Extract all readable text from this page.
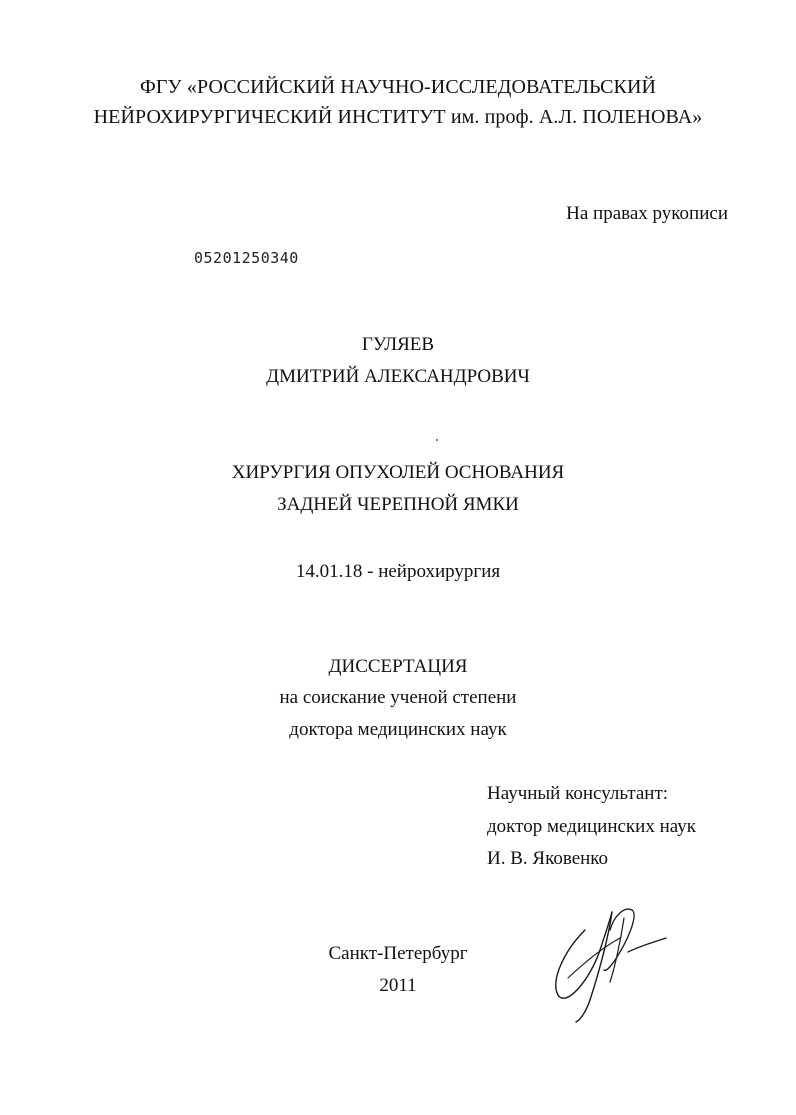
ФГУ «РОССИЙСКИЙ НАУЧНО-ИССЛЕДОВАТЕЛЬСКИЙ
НЕЙРОХИРУРГИЧЕСКИЙ ИНСТИТУТ им. проф. А.Л. ПОЛЕНОВА»
На правах рукописи
05201250340
ГУЛЯЕВ
ДМИТРИЙ АЛЕКСАНДРОВИЧ
ХИРУРГИЯ ОПУХОЛЕЙ ОСНОВАНИЯ
ЗАДНЕЙ ЧЕРЕПНОЙ ЯМКИ
14.01.18 - нейрохирургия
ДИССЕРТАЦИЯ
на соискание ученой степени
доктора медицинских наук
Научный консультант:
доктор медицинских наук
И. В. Яковенко
Санкт-Петербург
2011
